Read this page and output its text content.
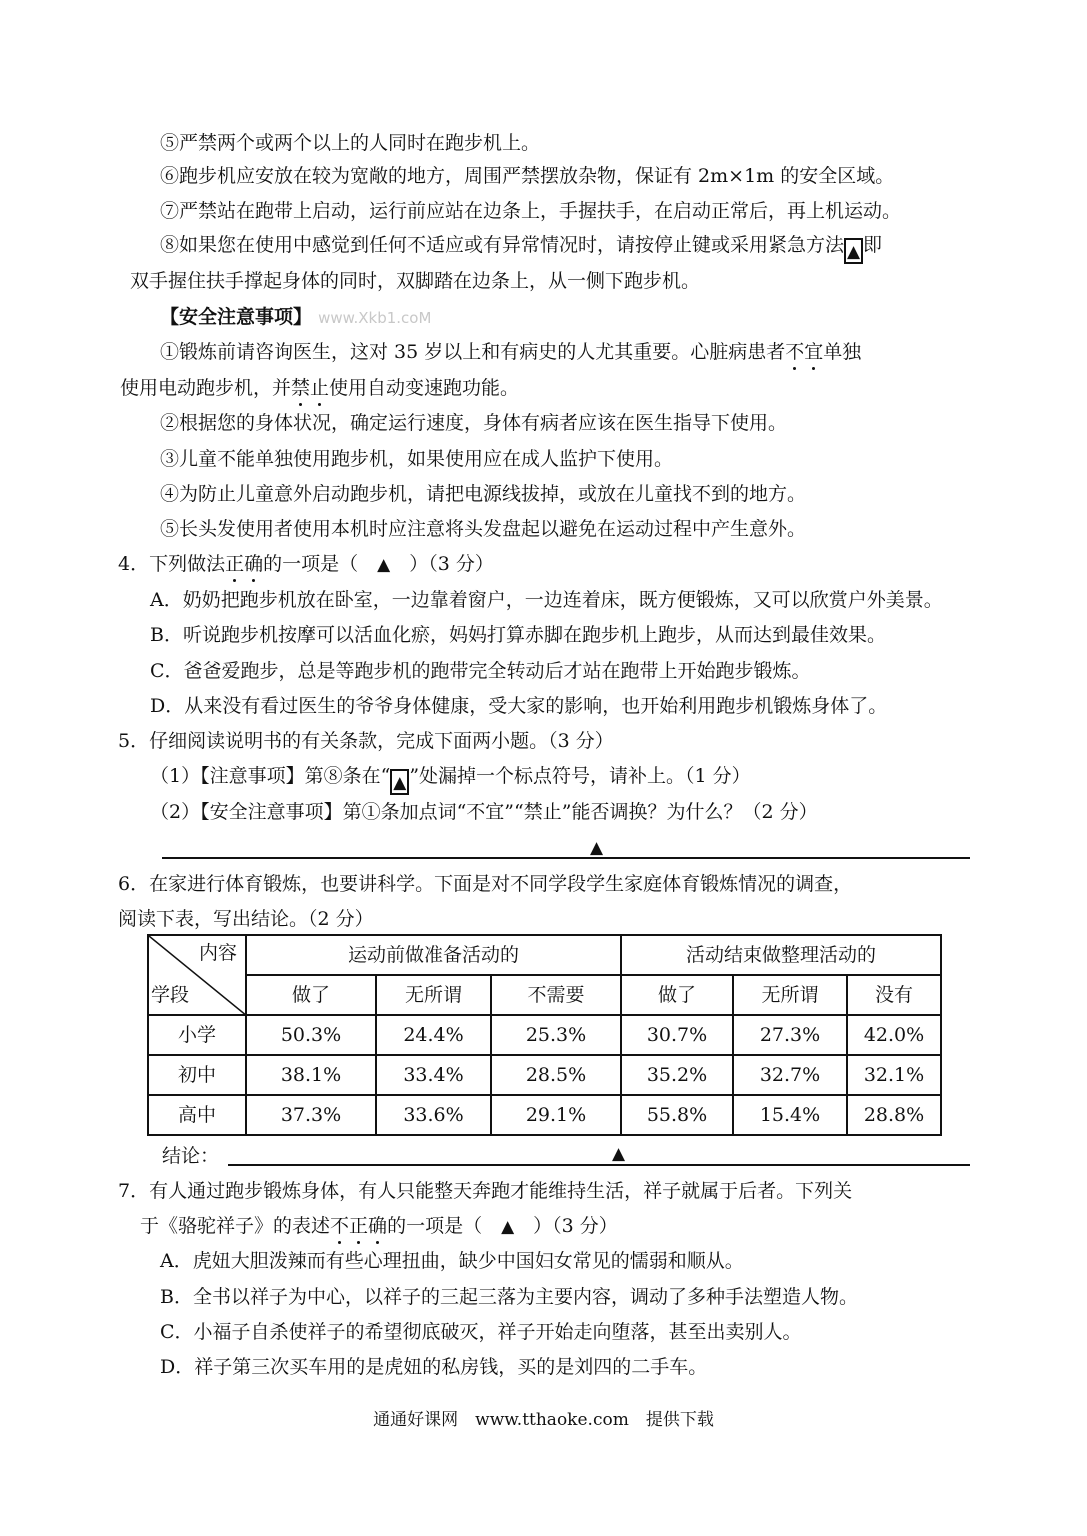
⑤严禁两个或两个以上的人同时在跑步机上。
⑥跑步机应安放在较为宽敞的地方，周围严禁摆放杂物，保证有 2m×1m 的安全区域。
⑦严禁站在跑带上启动，运行前应站在边条上，手握扶手，在启动正常后，再上机运动。
⑧如果您在使用中感觉到任何不适应或有异常情况时，请按停止键或采用紧急方法 ▲ 即
双手握住扶手撑起身体的同时，双脚踏在边条上，从一侧下跑步机。
【安全注意事项】 www.Xkb1.coM
①锻炼前请咨询医生，这对 35 岁以上和有病史的人尤其重要。心脏病患者不宜单独
使用电动跑步机，并禁止使用自动变速跑功能。
②根据您的身体状况，确定运行速度，身体有病者应该在医生指导下使用。
③儿童不能单独使用跑步机，如果使用应在成人监护下使用。
④为防止儿童意外启动跑步机，请把电源线拔掉，或放在儿童找不到的地方。
⑤长头发使用者使用本机时应注意将头发盘起以避免在运动过程中产生意外。
4．下列做法正确的一项是（　▲　）（3 分）
A．奶奶把跑步机放在卧室，一边靠着窗户，一边连着床，既方便锻炼，又可以欣赏户外美景。
B．听说跑步机按摩可以活血化瘀，妈妈打算赤脚在跑步机上跑步，从而达到最佳效果。
C．爸爸爱跑步，总是等跑步机的跑带完全转动后才站在跑带上开始跑步锻炼。
D．从来没有看过医生的爷爷身体健康，受大家的影响，也开始利用跑步机锻炼身体了。
5．仔细阅读说明书的有关条款，完成下面两小题。（3 分）
（1）【注意事项】第⑧条在“ ▲ ”处漏掉一个标点符号，请补上。（1 分）
（2）【安全注意事项】第①条加点词“不宜”“禁止”能否调换？为什么？（2 分）
▲
6．在家进行体育锻炼，也要讲科学。下面是对不同学段学生家庭体育锻炼情况的调查，
阅读下表，写出结论。（2 分）
内容
学段	运动前做准备活动的			活动结束做整理活动的		
	做了	无所谓	不需要	做了	无所谓	没有
小学	50.3%	24.4%	25.3%	30.7%	27.3%	42.0%
初中	38.1%	33.4%	28.5%	35.2%	32.7%	32.1%
高中	37.3%	33.6%	29.1%	55.8%	15.4%	28.8%
结论：	▲
7．有人通过跑步锻炼身体，有人只能整天奔跑才能维持生活，祥子就属于后者。下列关
于《骆驼祥子》的表述不正确的一项是（　▲　）（3 分）
A．虎妞大胆泼辣而有些心理扭曲，缺少中国妇女常见的懦弱和顺从。
B．全书以祥子为中心，以祥子的三起三落为主要内容，调动了多种手法塑造人物。
C．小福子自杀使祥子的希望彻底破灭，祥子开始走向堕落，甚至出卖别人。
D．祥子第三次买车用的是虎妞的私房钱，买的是刘四的二手车。
通通好课网　www.tthaoke.com　提供下载
